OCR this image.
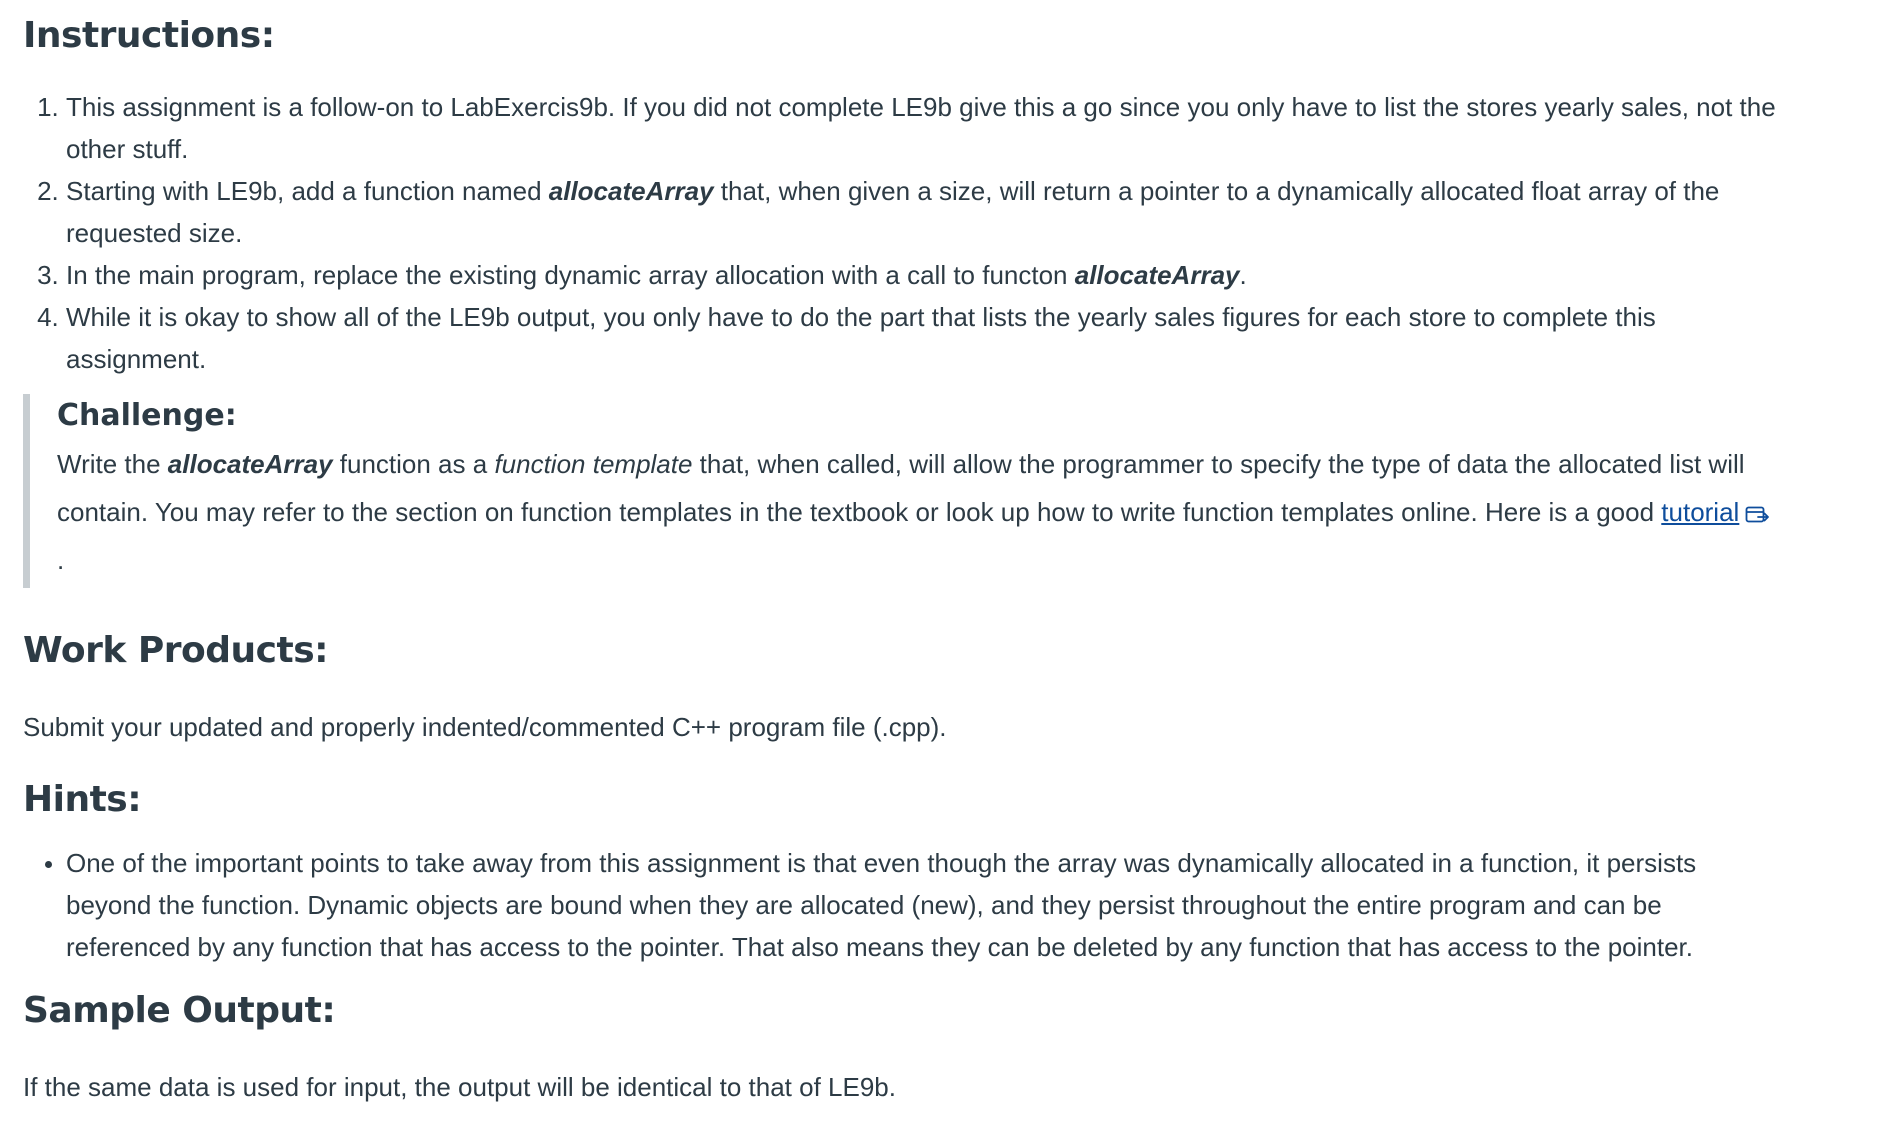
Instructions:
1. This assignment is a follow-on to LabExercis9b. If you did not complete LE9b give this a go since you only have to list the stores yearly sales, not the other stuff.
2. Starting with LE9b, add a function named allocateArray that, when given a size, will return a pointer to a dynamically allocated float array of the requested size.
3. In the main program, replace the existing dynamic array allocation with a call to functon allocateArray.
4. While it is okay to show all of the LE9b output, you only have to do the part that lists the yearly sales figures for each store to complete this assignment.
Challenge:

Write the allocateArray function as a function template that, when called, will allow the programmer to specify the type of data the allocated list will contain. You may refer to the section on function templates in the textbook or look up how to write function templates online. Here is a good tutorial.

Work Products:

Submit your updated and properly indented/commented C++ program file (.cpp).

Hints:
• One of the important points to take away from this assignment is that even though the array was dynamically allocated in a function, it persists beyond the function. Dynamic objects are bound when they are allocated (new), and they persist throughout the entire program and can be referenced by any function that has access to the pointer. That also means they can be deleted by any function that has access to the pointer.
Sample Output:

If the same data is used for input, the output will be identical to that of LE9b.
